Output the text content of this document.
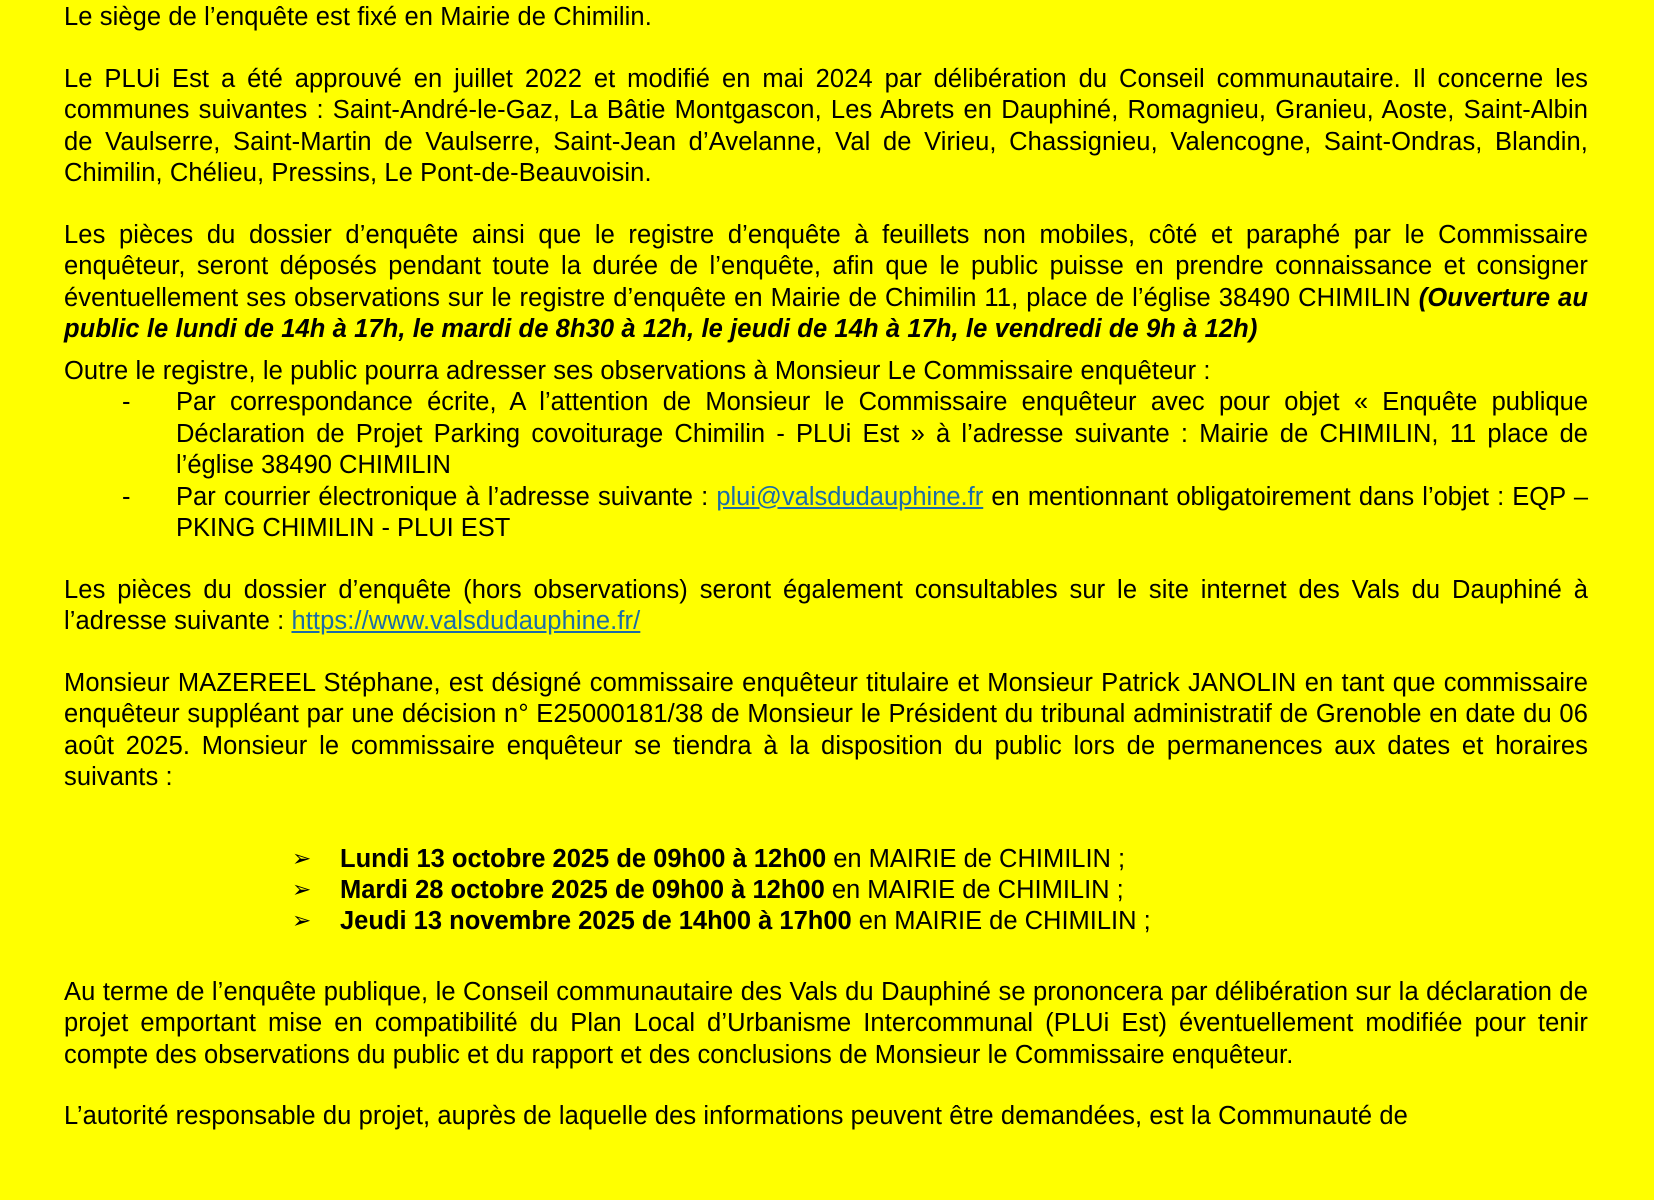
Le siège de l’enquête est fixé en Mairie de Chimilin.

Le PLUi Est a été approuvé en juillet 2022 et modifié en mai 2024 par délibération du Conseil communautaire. Il concerne les communes suivantes : Saint-André-le-Gaz, La Bâtie Montgascon, Les Abrets en Dauphiné, Romagnieu, Granieu, Aoste, Saint-Albin de Vaulserre, Saint-Martin de Vaulserre, Saint-Jean d’Avelanne, Val de Virieu, Chassignieu, Valencogne, Saint-Ondras, Blandin, Chimilin, Chélieu, Pressins, Le Pont-de-Beauvoisin.

Les pièces du dossier d’enquête ainsi que le registre d’enquête à feuillets non mobiles, côté et paraphé par le Commissaire enquêteur, seront déposés pendant toute la durée de l’enquête, afin que le public puisse en prendre connaissance et consigner éventuellement ses observations sur le registre d’enquête en Mairie de Chimilin 11, place de l’église 38490 CHIMILIN (Ouverture au public le lundi de 14h à 17h, le mardi de 8h30 à 12h, le jeudi de 14h à 17h, le vendredi de 9h à 12h)

Outre le registre, le public pourra adresser ses observations à Monsieur Le Commissaire enquêteur :

- Par correspondance écrite, A l’attention de Monsieur le Commissaire enquêteur avec pour objet « Enquête publique Déclaration de Projet Parking covoiturage Chimilin - PLUi Est » à l’adresse suivante : Mairie de CHIMILIN, 11 place de l’église 38490 CHIMILIN
- Par courrier électronique à l’adresse suivante : plui@valsdudauphine.fr en mentionnant obligatoirement dans l’objet : EQP – PKING CHIMILIN - PLUI EST

Les pièces du dossier d’enquête (hors observations) seront également consultables sur le site internet des Vals du Dauphiné à l’adresse suivante : https://www.valsdudauphine.fr/

Monsieur MAZEREEL Stéphane, est désigné commissaire enquêteur titulaire et Monsieur Patrick JANOLIN en tant que commissaire enquêteur suppléant par une décision n° E25000181/38 de Monsieur le Président du tribunal administratif de Grenoble en date du 06 août 2025. Monsieur le commissaire enquêteur se tiendra à la disposition du public lors de permanences aux dates et horaires suivants :

➢ Lundi 13 octobre 2025 de 09h00 à 12h00 en MAIRIE de CHIMILIN ;
➢ Mardi 28 octobre 2025 de 09h00 à 12h00 en MAIRIE de CHIMILIN ;
➢ Jeudi 13 novembre 2025 de 14h00 à 17h00 en MAIRIE de CHIMILIN ;

Au terme de l’enquête publique, le Conseil communautaire des Vals du Dauphiné se prononcera par délibération sur la déclaration de projet emportant mise en compatibilité du Plan Local d’Urbanisme Intercommunal (PLUi Est) éventuellement modifiée pour tenir compte des observations du public et du rapport et des conclusions de Monsieur le Commissaire enquêteur.

L’autorité responsable du projet, auprès de laquelle des informations peuvent être demandées, est la Communauté de
